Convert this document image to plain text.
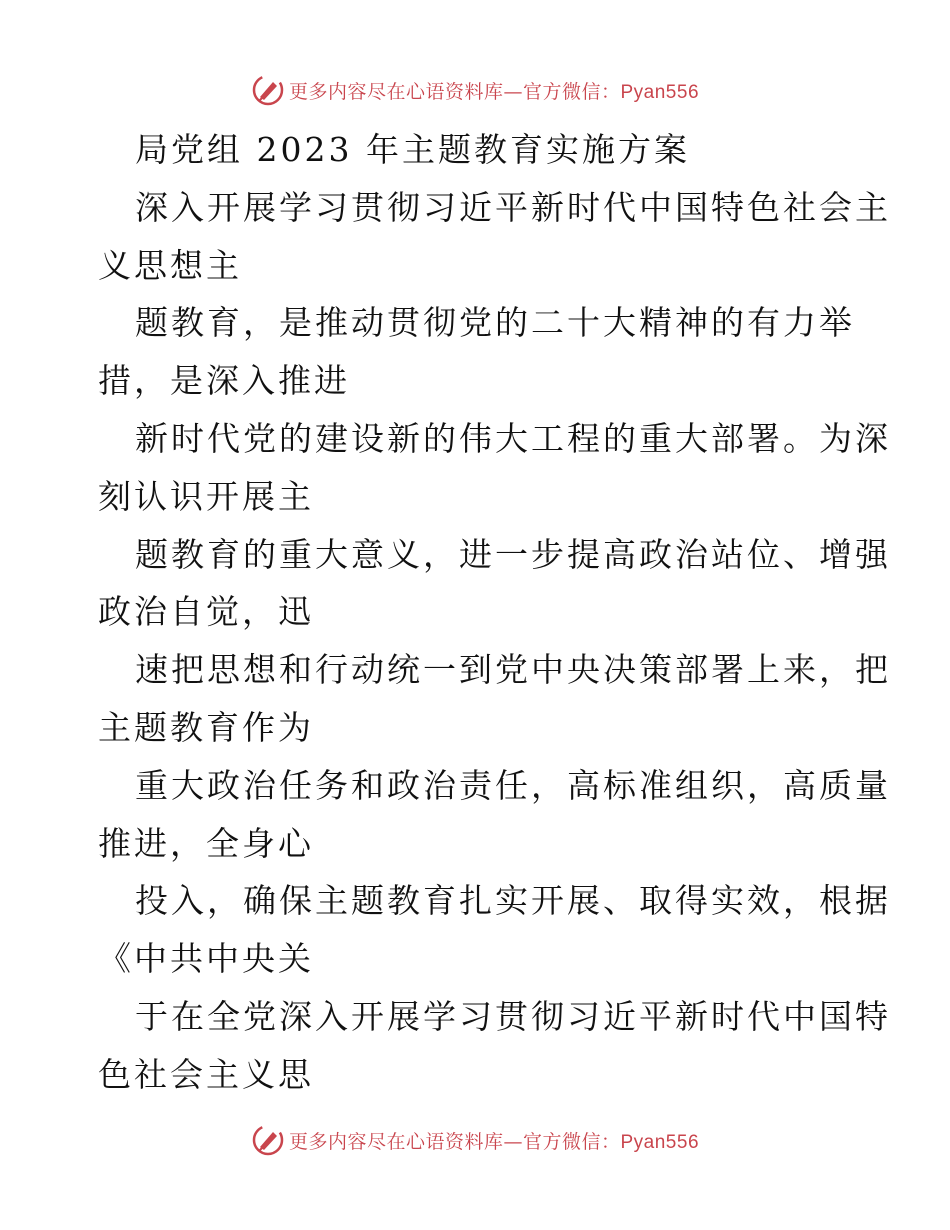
更多内容尽在心语资料库—官方微信：Pyan556
局党组 2023 年主题教育实施方案
深入开展学习贯彻习近平新时代中国特色社会主
义思想主
题教育，是推动贯彻党的二十大精神的有力举
措，是深入推进
新时代党的建设新的伟大工程的重大部署。为深
刻认识开展主
题教育的重大意义，进一步提高政治站位、增强
政治自觉，迅
速把思想和行动统一到党中央决策部署上来，把
主题教育作为
重大政治任务和政治责任，高标准组织，高质量
推进，全身心
投入，确保主题教育扎实开展、取得实效，根据
《中共中央关
于在全党深入开展学习贯彻习近平新时代中国特
色社会主义思
更多内容尽在心语资料库—官方微信：Pyan556
